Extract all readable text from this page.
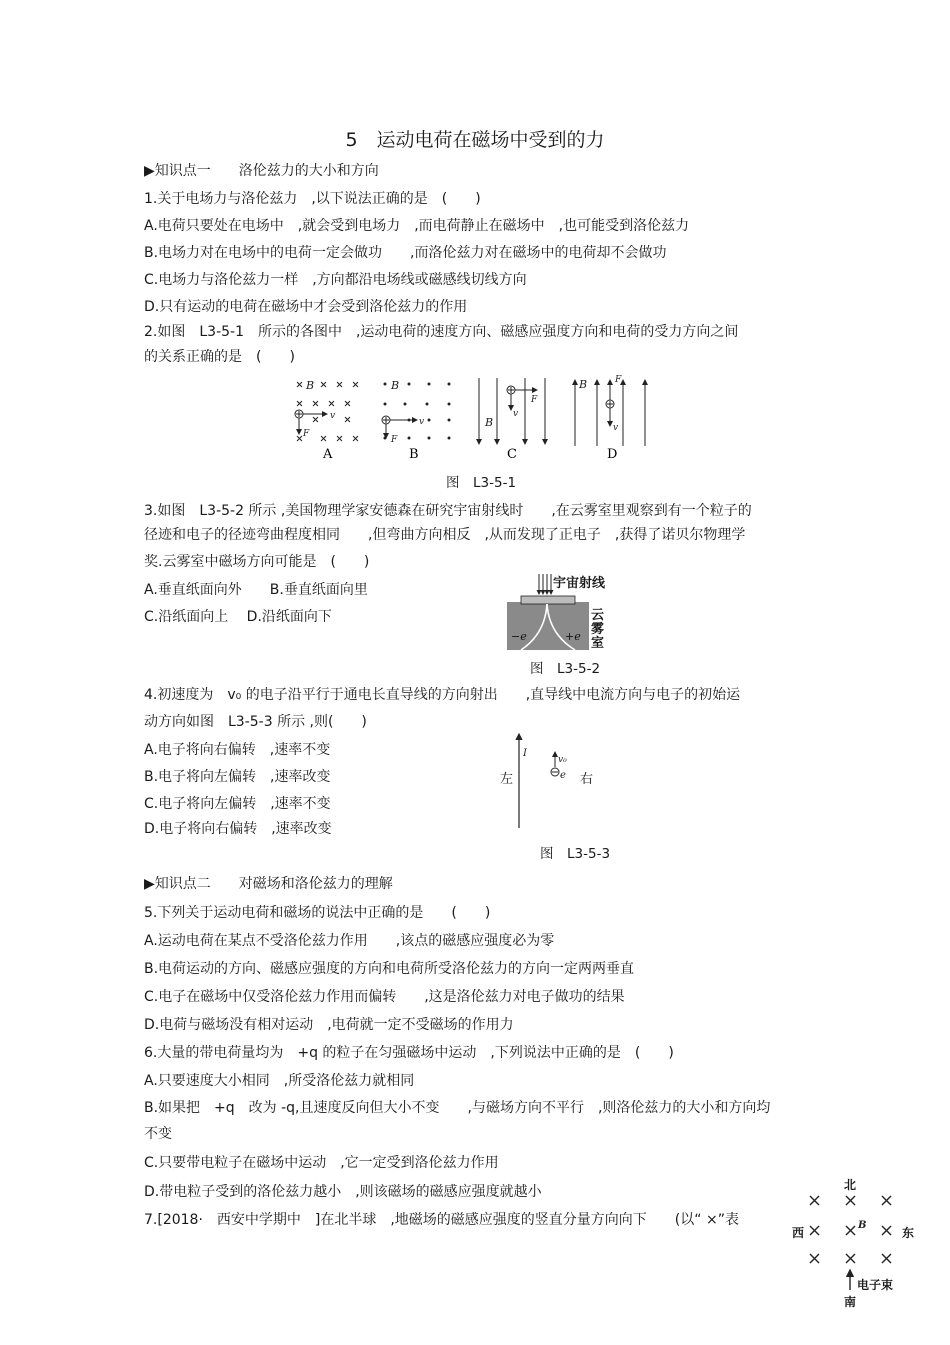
5　运动电荷在磁场中受到的力
▶知识点一　　洛伦兹力的大小和方向
1.关于电场力与洛伦兹力　,以下说法正确的是　(　　)
A.电荷只要处在电场中　,就会受到电场力　,而电荷静止在磁场中　,也可能受到洛伦兹力
B.电场力对在电场中的电荷一定会做功　　,而洛伦兹力对在磁场中的电荷却不会做功
C.电场力与洛伦兹力一样　,方向都沿电场线或磁感线切线方向
D.只有运动的电荷在磁场中才会受到洛伦兹力的作用
2.如图　L3-5-1　所示的各图中　,运动电荷的速度方向、磁感应强度方向和电荷的受力方向之间
的关系正确的是　(　　)
B
v
F
A
B
v
F
B
B
F
v
C
B	F
v
D
图　L3-5-1
3.如图　L3-5-2 所示 ,美国物理学家安德森在研究宇宙射线时　　,在云雾室里观察到有一个粒子的
径迹和电子的径迹弯曲程度相同　　,但弯曲方向相反　,从而发现了正电子　,获得了诺贝尔物理学
奖.云雾室中磁场方向可能是　(　　)
A.垂直纸面向外　　B.垂直纸面向里
C.沿纸面向上　 D.沿纸面向下
−e	+e
宇宙射线
云
雾
室
图　L3-5-2
4.初速度为　v₀ 的电子沿平行于通电长直导线的方向射出　　,直导线中电流方向与电子的初始运
动方向如图　L3-5-3 所示 ,则(　　)
A.电子将向右偏转　,速率不变
B.电子将向左偏转　,速率改变
C.电子将向左偏转　,速率不变
D.电子将向右偏转　,速率改变
I
v₀
e
左	右
图　L3-5-3
▶知识点二　　对磁场和洛伦兹力的理解
5.下列关于运动电荷和磁场的说法中正确的是　　(　　)
A.运动电荷在某点不受洛伦兹力作用　　,该点的磁感应强度必为零
B.电荷运动的方向、磁感应强度的方向和电荷所受洛伦兹力的方向一定两两垂直
C.电子在磁场中仅受洛伦兹力作用而偏转　　,这是洛伦兹力对电子做功的结果
D.电荷与磁场没有相对运动　,电荷就一定不受磁场的作用力
6.大量的带电荷量均为　+q 的粒子在匀强磁场中运动　,下列说法中正确的是　(　　)
A.只要速度大小相同　,所受洛伦兹力就相同
B.如果把　+q　改为 -q,且速度反向但大小不变　　,与磁场方向不平行　,则洛伦兹力的大小和方向均
不变
C.只要带电粒子在磁场中运动　,它一定受到洛伦兹力作用
D.带电粒子受到的洛伦兹力越小　,则该磁场的磁感应强度就越小
7.[2018·　西安中学期中　]在北半球　,地磁场的磁感应强度的竖直分量方向向下　　(以“ ×”表	B
北
西	东
电子束
南
